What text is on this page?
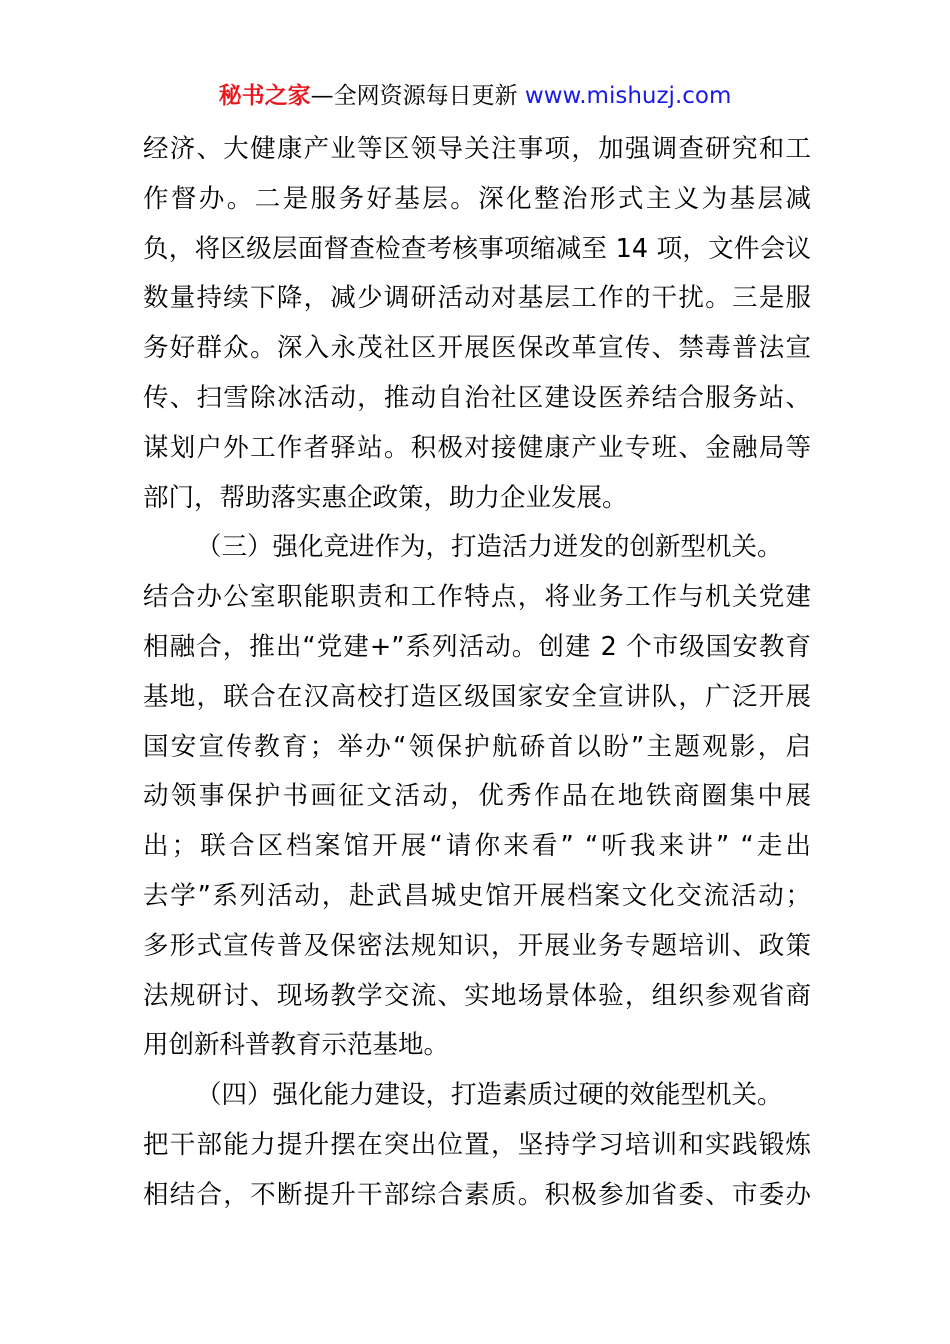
秘书之家—全网资源每日更新 www.mishuzj.com
经济、大健康产业等区领导关注事项，加强调查研究和工
作督办。二是服务好基层。深化整治形式主义为基层减
负，将区级层面督查检查考核事项缩减至 14 项，文件会议
数量持续下降，减少调研活动对基层工作的干扰。三是服
务好群众。深入永茂社区开展医保改革宣传、禁毒普法宣
传、扫雪除冰活动，推动自治社区建设医养结合服务站、
谋划户外工作者驿站。积极对接健康产业专班、金融局等
部门，帮助落实惠企政策，助力企业发展。
（三）强化竞进作为，打造活力迸发的创新型机关。
结合办公室职能职责和工作特点，将业务工作与机关党建
相融合，推出“党建+”系列活动。创建 2 个市级国安教育
基地，联合在汉高校打造区级国家安全宣讲队，广泛开展
国安宣传教育；举办“领保护航硚首以盼”主题观影，启
动领事保护书画征文活动，优秀作品在地铁商圈集中展
出；联合区档案馆开展“请你来看” “听我来讲” “走出
去学”系列活动，赴武昌城史馆开展档案文化交流活动；
多形式宣传普及保密法规知识，开展业务专题培训、政策
法规研讨、现场教学交流、实地场景体验，组织参观省商
用创新科普教育示范基地。
（四）强化能力建设，打造素质过硬的效能型机关。
把干部能力提升摆在突出位置，坚持学习培训和实践锻炼
相结合，不断提升干部综合素质。积极参加省委、市委办
